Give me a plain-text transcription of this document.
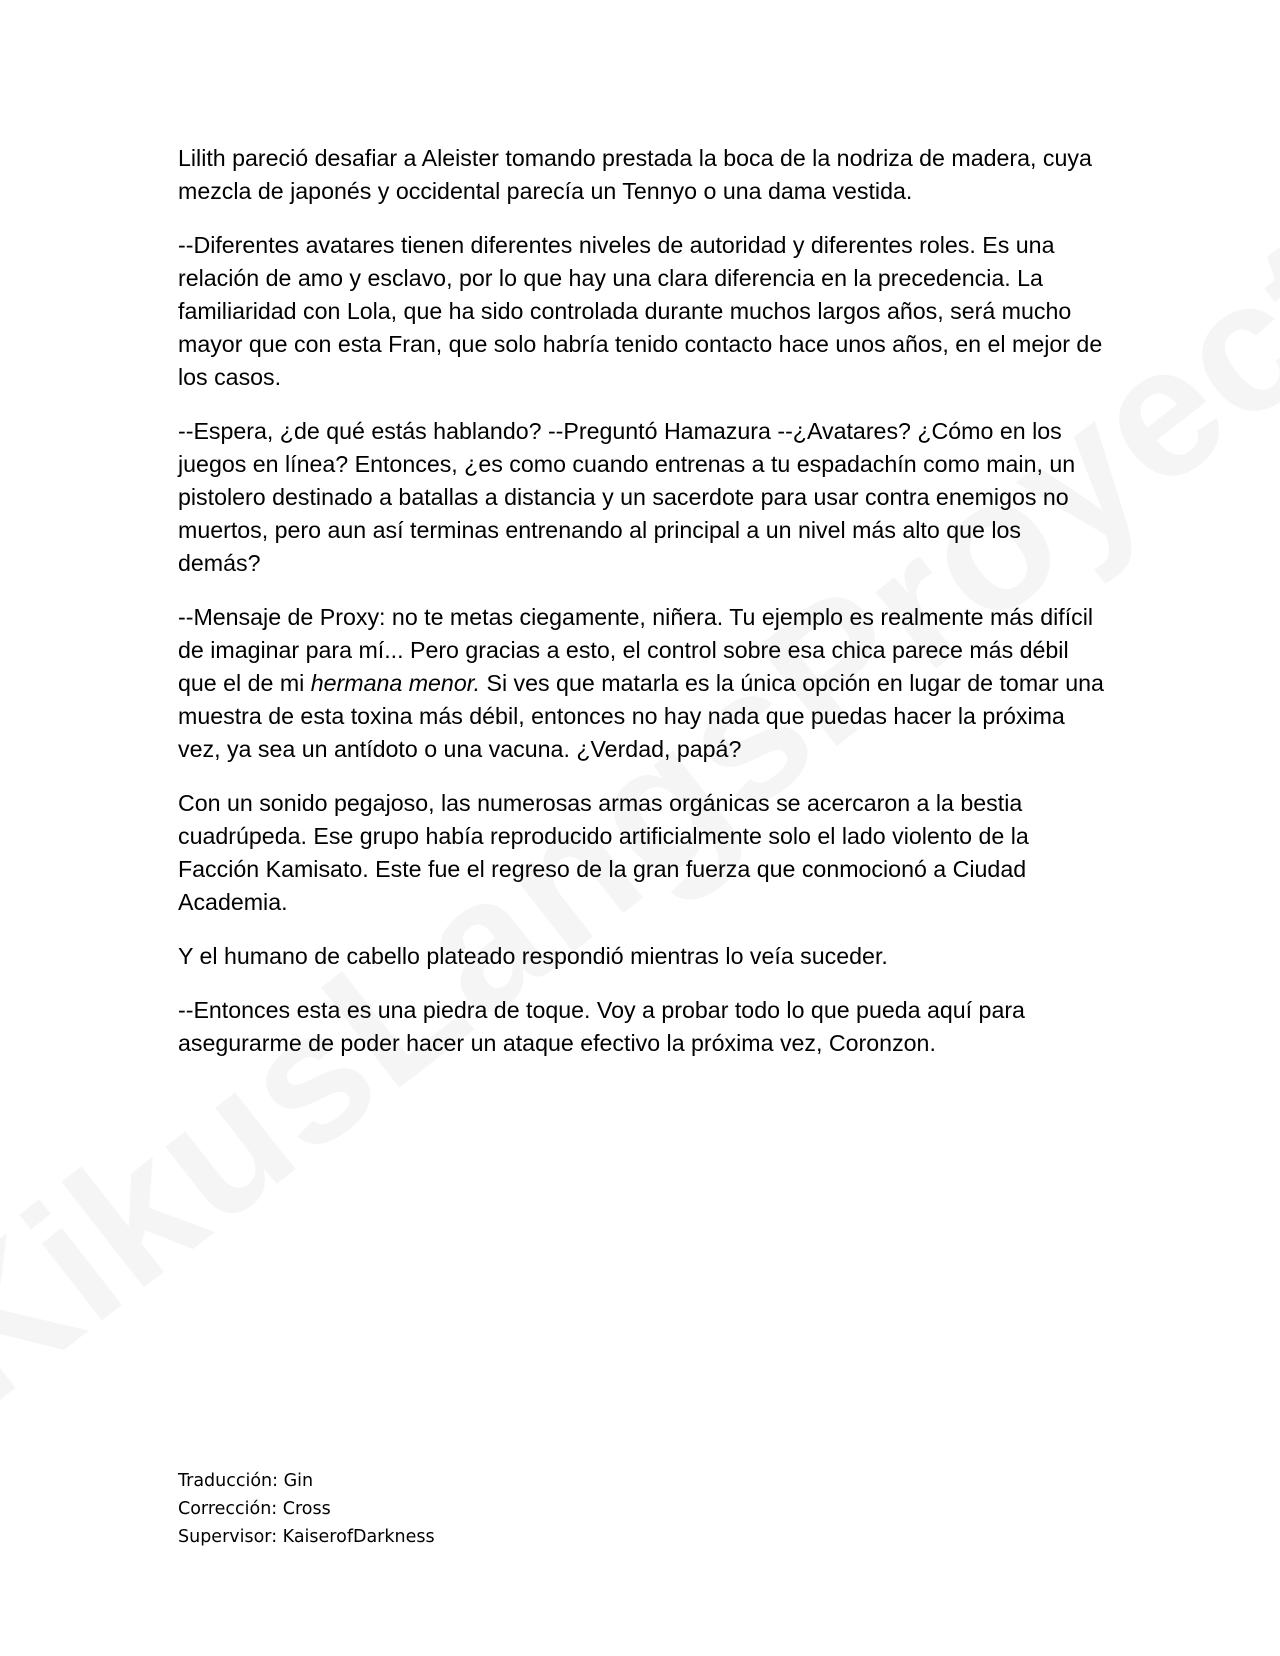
Lilith pareció desafiar a Aleister tomando prestada la boca de la nodriza de madera, cuya mezcla de japonés y occidental parecía un Tennyo o una dama vestida.

--Diferentes avatares tienen diferentes niveles de autoridad y diferentes roles. Es una relación de amo y esclavo, por lo que hay una clara diferencia en la precedencia. La familiaridad con Lola, que ha sido controlada durante muchos largos años, será mucho mayor que con esta Fran, que solo habría tenido contacto hace unos años, en el mejor de los casos.

--Espera, ¿de qué estás hablando? --Preguntó Hamazura --¿Avatares? ¿Cómo en los juegos en línea? Entonces, ¿es como cuando entrenas a tu espadachín como main, un pistolero destinado a batallas a distancia y un sacerdote para usar contra enemigos no muertos, pero aun así terminas entrenando al principal a un nivel más alto que los demás?

--Mensaje de Proxy: no te metas ciegamente, niñera. Tu ejemplo es realmente más difícil de imaginar para mí... Pero gracias a esto, el control sobre esa chica parece más débil que el de mi hermana menor. Si ves que matarla es la única opción en lugar de tomar una muestra de esta toxina más débil, entonces no hay nada que puedas hacer la próxima vez, ya sea un antídoto o una vacuna. ¿Verdad, papá?

Con un sonido pegajoso, las numerosas armas orgánicas se acercaron a la bestia cuadrúpeda. Ese grupo había reproducido artificialmente solo el lado violento de la Facción Kamisato. Este fue el regreso de la gran fuerza que conmocionó a Ciudad Academia.

Y el humano de cabello plateado respondió mientras lo veía suceder.

--Entonces esta es una piedra de toque. Voy a probar todo lo que pueda aquí para asegurarme de poder hacer un ataque efectivo la próxima vez, Coronzon.

Traducción: Gin
Corrección: Cross
Supervisor: KaiserofDarkness
